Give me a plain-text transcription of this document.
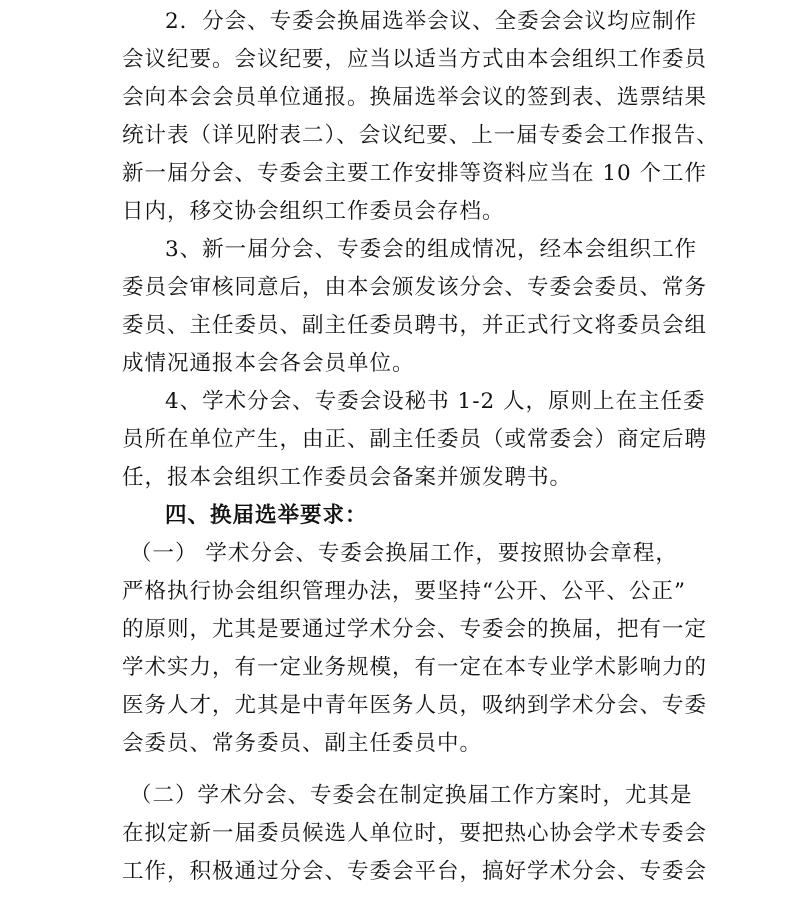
2．分会、专委会换届选举会议、全委会会议均应制作
会议纪要。会议纪要，应当以适当方式由本会组织工作委员
会向本会会员单位通报。换届选举会议的签到表、选票结果
统计表（详见附表二）、会议纪要、上一届专委会工作报告、
新一届分会、专委会主要工作安排等资料应当在 10 个工作
日内，移交协会组织工作委员会存档。
3、新一届分会、专委会的组成情况，经本会组织工作
委员会审核同意后，由本会颁发该分会、专委会委员、常务
委员、主任委员、副主任委员聘书，并正式行文将委员会组
成情况通报本会各会员单位。
4、学术分会、专委会设秘书 1-2 人，原则上在主任委
员所在单位产生，由正、副主任委员（或常委会）商定后聘
任，报本会组织工作委员会备案并颁发聘书。
四、换届选举要求：
（一） 学术分会、专委会换届工作，要按照协会章程，
严格执行协会组织管理办法，要坚持“公开、公平、公正”
的原则，尤其是要通过学术分会、专委会的换届，把有一定
学术实力，有一定业务规模，有一定在本专业学术影响力的
医务人才，尤其是中青年医务人员，吸纳到学术分会、专委
会委员、常务委员、副主任委员中。
（二）学术分会、专委会在制定换届工作方案时，尤其是
在拟定新一届委员候选人单位时，要把热心协会学术专委会
工作，积极通过分会、专委会平台，搞好学术分会、专委会
